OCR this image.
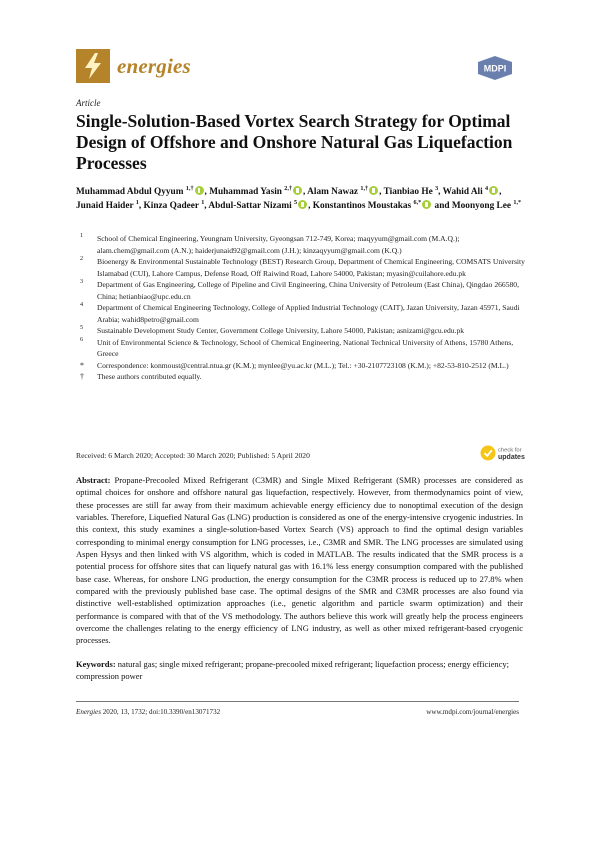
energies	MDPI
Article
Single-Solution-Based Vortex Search Strategy for Optimal Design of Offshore and Onshore Natural Gas Liquefaction Processes
Muhammad Abdul Qyyum $^{1,\dagger}$ , Muhammad Yasin $^{2,\dagger}$ , Alam Nawaz $^{1,\dagger}$ , Tianbiao He $^3$, Wahid Ali $^4$ , Junaid Haider $^1$, Kinza Qadeer $^1$, Abdul-Sattar Nizami $^5$ , Konstantinos Moustakas $^{6,*}$ and Moonyong Lee $^{1,*}$
1 School of Chemical Engineering, Yeungnam University, Gyeongsan 712-749, Korea; maqyyum@gmail.com (M.A.Q.); alam.chem@gmail.com (A.N.); haiderjunaid92@gmail.com (J.H.); kinzaqyyum@gmail.com (K.Q.)
2 Bioenergy & Environmental Sustainable Technology (BEST) Research Group, Department of Chemical Engineering, COMSATS University Islamabad (CUI), Lahore Campus, Defense Road, Off Raiwind Road, Lahore 54000, Pakistan; myasin@cuilahore.edu.pk
3 Department of Gas Engineering, College of Pipeline and Civil Engineering, China University of Petroleum (East China), Qingdao 266580, China; hetianbiao@upc.edu.cn
4 Department of Chemical Engineering Technology, College of Applied Industrial Technology (CAIT), Jazan University, Jazan 45971, Saudi Arabia; wahid8petro@gmail.com
5 Sustainable Development Study Center, Government College University, Lahore 54000, Pakistan; asnizami@gcu.edu.pk
6 Unit of Environmental Science & Technology, School of Chemical Engineering, National Technical University of Athens, 15780 Athens, Greece
* Correspondence: konmoust@central.ntua.gr (K.M.); mynlee@yu.ac.kr (M.L.); Tel.: +30-2107723108 (K.M.); +82-53-810-2512 (M.L.)
† These authors contributed equally.
Received: 6 March 2020; Accepted: 30 March 2020; Published: 5 April 2020
check for
updates
Abstract: Propane-Precooled Mixed Refrigerant (C3MR) and Single Mixed Refrigerant (SMR) processes are considered as optimal choices for onshore and offshore natural gas liquefaction, respectively. However, from thermodynamics point of view, these processes are still far away from their maximum achievable energy efficiency due to nonoptimal execution of the design variables. Therefore, Liquefied Natural Gas (LNG) production is considered as one of the energy-intensive cryogenic industries. In this context, this study examines a single-solution-based Vortex Search (VS) approach to find the optimal design variables corresponding to minimal energy consumption for LNG processes, i.e., C3MR and SMR. The LNG processes are simulated using Aspen Hysys and then linked with VS algorithm, which is coded in MATLAB. The results indicated that the SMR process is a potential process for offshore sites that can liquefy natural gas with 16.1% less energy consumption compared with the published base case. Whereas, for onshore LNG production, the energy consumption for the C3MR process is reduced up to 27.8% when compared with the previously published base case. The optimal designs of the SMR and C3MR processes are also found via distinctive well-established optimization approaches (i.e., genetic algorithm and particle swarm optimization) and their performance is compared with that of the VS methodology. The authors believe this work will greatly help the process engineers overcome the challenges relating to the energy efficiency of LNG industry, as well as other mixed refrigerant-based cryogenic processes.
Keywords: natural gas; single mixed refrigerant; propane-precooled mixed refrigerant; liquefaction process; energy efficiency; compression power
Energies 2020, 13, 1732; doi:10.3390/en13071732	www.mdpi.com/journal/energies
